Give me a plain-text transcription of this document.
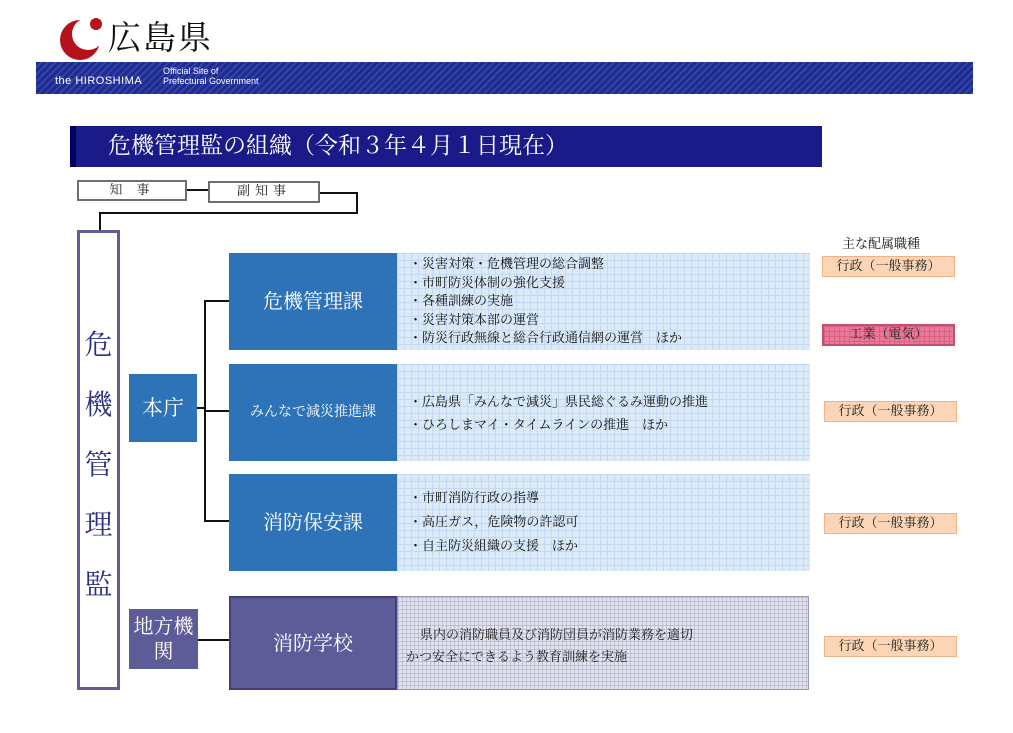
広島県
the HIROSHIMA
Official Site of
Prefectural Government
危機管理監の組織（令和３年４月１日現在）
知 事	副知事
危
機
管
理
監
本庁
地方機関
危機管理課
・災害対策・危機管理の総合調整
・市町防災体制の強化支援
・各種訓練の実施
・災害対策本部の運営
・防災行政無線と総合行政通信網の運営　ほか
みんなで減災推進課
・広島県「みんなで減災」県民総ぐるみ運動の推進
・ひろしまマイ・タイムラインの推進　ほか
消防保安課
・市町消防行政の指導
・高圧ガス，危険物の許認可
・自主防災組織の支援　ほか
消防学校	県内の消防職員及び消防団員が消防業務を適切
かつ安全にできるよう教育訓練を実施
主な配属職種
行政（一般事務）
工業（電気）
行政（一般事務）
行政（一般事務）
行政（一般事務）
